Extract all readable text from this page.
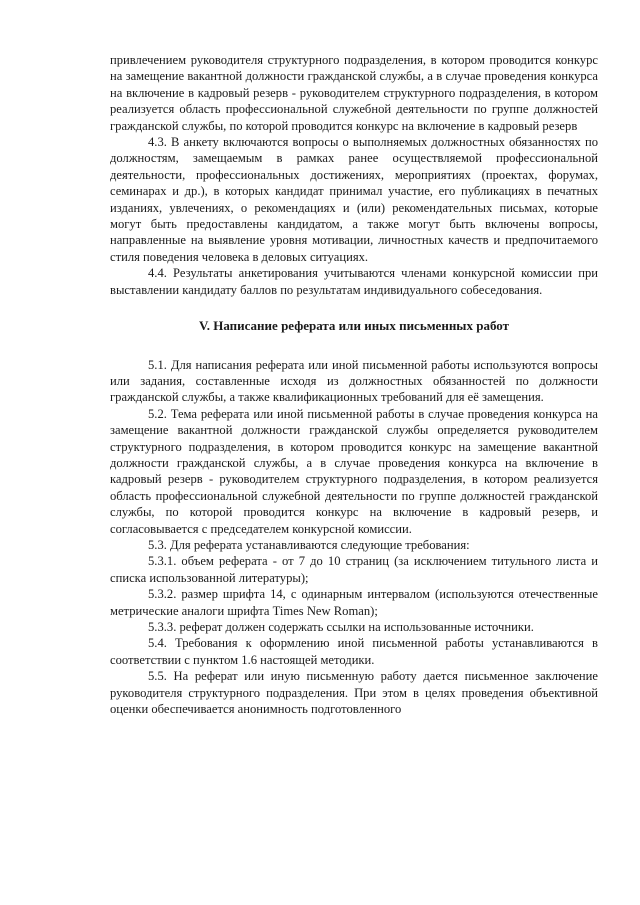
привлечением руководителя структурного подразделения, в котором проводится конкурс на замещение вакантной должности гражданской службы, а в случае проведения конкурса на включение в кадровый резерв - руководителем структурного подразделения, в котором реализуется область профессиональной служебной деятельности по группе должностей гражданской службы, по которой проводится конкурс на включение в кадровый резерв

4.3. В анкету включаются вопросы о выполняемых должностных обязанностях по должностям, замещаемым в рамках ранее осуществляемой профессиональной деятельности, профессиональных достижениях, мероприятиях (проектах, форумах, семинарах и др.), в которых кандидат принимал участие, его публикациях в печатных изданиях, увлечениях, о рекомендациях и (или) рекомендательных письмах, которые могут быть предоставлены кандидатом, а также могут быть включены вопросы, направленные на выявление уровня мотивации, личностных качеств и предпочитаемого стиля поведения человека в деловых ситуациях.

4.4. Результаты анкетирования учитываются членами конкурсной комиссии при выставлении кандидату баллов по результатам индивидуального собеседования.

V. Написание реферата или иных письменных работ

5.1. Для написания реферата или иной письменной работы используются вопросы или задания, составленные исходя из должностных обязанностей по должности гражданской службы, а также квалификационных требований для её замещения.

5.2. Тема реферата или иной письменной работы в случае проведения конкурса на замещение вакантной должности гражданской службы определяется руководителем структурного подразделения, в котором проводится конкурс на замещение вакантной должности гражданской службы, а в случае проведения конкурса на включение в кадровый резерв - руководителем структурного подразделения, в котором реализуется область профессиональной служебной деятельности по группе должностей гражданской службы, по которой проводится конкурс на включение в кадровый резерв, и согласовывается с председателем конкурсной комиссии.

5.3. Для реферата устанавливаются следующие требования:

5.3.1. объем реферата - от 7 до 10 страниц (за исключением титульного листа и списка использованной литературы);

5.3.2. размер шрифта 14, с одинарным интервалом (используются отечественные метрические аналоги шрифта Times New Roman);

5.3.3. реферат должен содержать ссылки на использованные источники.

5.4. Требования к оформлению иной письменной работы устанавливаются в соответствии с пунктом 1.6 настоящей методики.

5.5. На реферат или иную письменную работу дается письменное заключение руководителя структурного подразделения. При этом в целях проведения объективной оценки обеспечивается анонимность подготовленного
